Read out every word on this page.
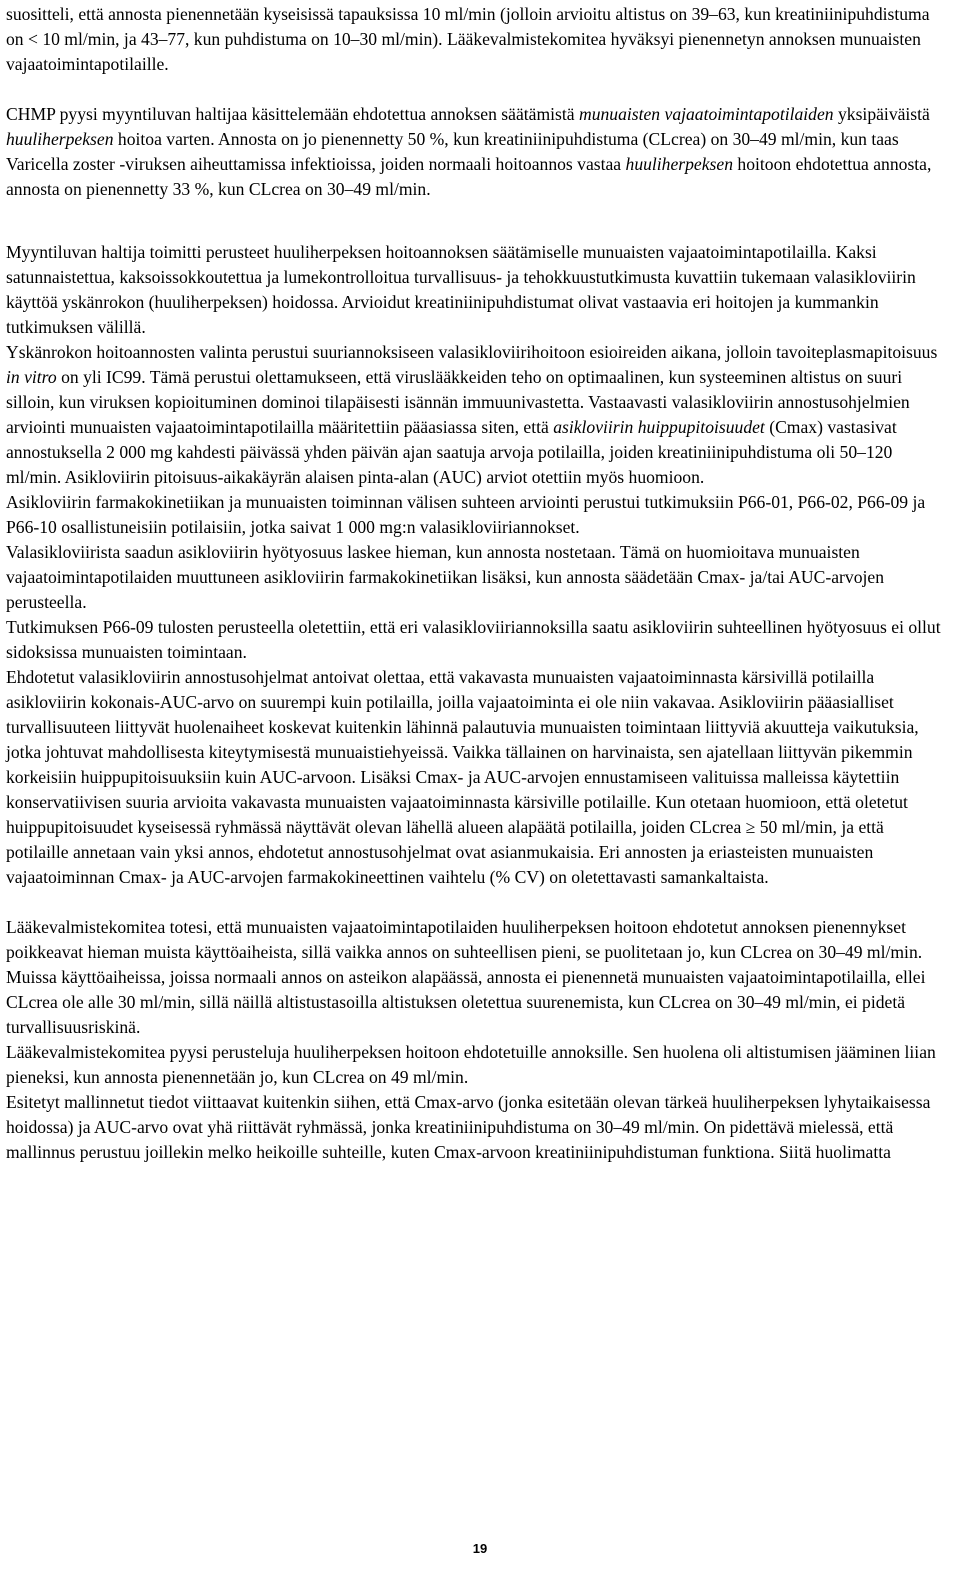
suositteli, että annosta pienennetään kyseisissä tapauksissa 10 ml/min (jolloin arvioitu altistus on 39–63, kun kreatiniinipuhdistuma on < 10 ml/min, ja 43–77, kun puhdistuma on 10–30 ml/min). Lääkevalmistekomitea hyväksyi pienennetyn annoksen munuaisten vajaatoimintapotilaille.

CHMP pyysi myyntiluvan haltijaa käsittelemään ehdotettua annoksen säätämistä munuaisten vajaatoimintapotilaiden yksipäiväistä huuliherpeksen hoitoa varten. Annosta on jo pienennetty 50 %, kun kreatiniinipuhdistuma (CLcrea) on 30–49 ml/min, kun taas Varicella zoster -viruksen aiheuttamissa infektioissa, joiden normaali hoitoannos vastaa huuliherpeksen hoitoon ehdotettua annosta, annosta on pienennetty 33 %, kun CLcrea on 30–49 ml/min.

Myyntiluvan haltija toimitti perusteet huuliherpeksen hoitoannoksen säätämiselle munuaisten vajaatoimintapotilailla. Kaksi satunnaistettua, kaksoissokkoutettua ja lumekontrolloitua turvallisuus- ja tehokkuustutkimusta kuvattiin tukemaan valasikloviirin käyttöä yskänrokon (huuliherpeksen) hoidossa. Arvioidut kreatiniinipuhdistumat olivat vastaavia eri hoitojen ja kummankin tutkimuksen välillä.

Yskänrokon hoitoannosten valinta perustui suuriannoksiseen valasikloviirihoitoon esioireiden aikana, jolloin tavoiteplasmapitoisuus in vitro on yli IC99. Tämä perustui olettamukseen, että viruslääkkeiden teho on optimaalinen, kun systeeminen altistus on suuri silloin, kun viruksen kopioituminen dominoi tilapäisesti isännän immuunivastetta. Vastaavasti valasikloviirin annostusohjelmien arviointi munuaisten vajaatoimintapotilailla määritettiin pääasiassa siten, että asikloviirin huippupitoisuudet (Cmax) vastasivat annostuksella 2 000 mg kahdesti päivässä yhden päivän ajan saatuja arvoja potilailla, joiden kreatiniinipuhdistuma oli 50–120 ml/min. Asikloviirin pitoisuus-aikakäyrän alaisen pinta-alan (AUC) arviot otettiin myös huomioon.

Asikloviirin farmakokinetiikan ja munuaisten toiminnan välisen suhteen arviointi perustui tutkimuksiin P66-01, P66-02, P66-09 ja P66-10 osallistuneisiin potilaisiin, jotka saivat 1 000 mg:n valasikloviiriannokset.

Valasikloviirista saadun asikloviirin hyötyosuus laskee hieman, kun annosta nostetaan. Tämä on huomioitava munuaisten vajaatoimintapotilaiden muuttuneen asikloviirin farmakokinetiikan lisäksi, kun annosta säädetään Cmax- ja/tai AUC-arvojen perusteella.

Tutkimuksen P66-09 tulosten perusteella oletettiin, että eri valasikloviiriannoksilla saatu asikloviirin suhteellinen hyötyosuus ei ollut sidoksissa munuaisten toimintaan.

Ehdotetut valasikloviirin annostusohjelmat antoivat olettaa, että vakavasta munuaisten vajaatoiminnasta kärsivillä potilailla asikloviirin kokonais-AUC-arvo on suurempi kuin potilailla, joilla vajaatoiminta ei ole niin vakavaa. Asikloviirin pääasialliset turvallisuuteen liittyvät huolenaiheet koskevat kuitenkin lähinnä palautuvia munuaisten toimintaan liittyviä akuutteja vaikutuksia, jotka johtuvat mahdollisesta kiteytymisestä munuaistiehyeissä. Vaikka tällainen on harvinaista, sen ajatellaan liittyvän pikemmin korkeisiin huippupitoisuuksiin kuin AUC-arvoon. Lisäksi Cmax- ja AUC-arvojen ennustamiseen valituissa malleissa käytettiin konservatiivisen suuria arvioita vakavasta munuaisten vajaatoiminnasta kärsiville potilaille. Kun otetaan huomioon, että oletetut huippupitoisuudet kyseisessä ryhmässä näyttävät olevan lähellä alueen alapäätä potilailla, joiden CLcrea ≥ 50 ml/min, ja että potilaille annetaan vain yksi annos, ehdotetut annostusohjelmat ovat asianmukaisia. Eri annosten ja eriasteisten munuaisten vajaatoiminnan Cmax- ja AUC-arvojen farmakokineettinen vaihtelu (% CV) on oletettavasti samankaltaista.

Lääkevalmistekomitea totesi, että munuaisten vajaatoimintapotilaiden huuliherpeksen hoitoon ehdotetut annoksen pienennykset poikkeavat hieman muista käyttöaiheista, sillä vaikka annos on suhteellisen pieni, se puolitetaan jo, kun CLcrea on 30–49 ml/min. Muissa käyttöaiheissa, joissa normaali annos on asteikon alapäässä, annosta ei pienennetä munuaisten vajaatoimintapotilailla, ellei CLcrea ole alle 30 ml/min, sillä näillä altistustasoilla altistuksen oletettua suurenemista, kun CLcrea on 30–49 ml/min, ei pidetä turvallisuusriskinä.

Lääkevalmistekomitea pyysi perusteluja huuliherpeksen hoitoon ehdotetuille annoksille. Sen huolena oli altistumisen jääminen liian pieneksi, kun annosta pienennetään jo, kun CLcrea on 49 ml/min.

Esitetyt mallinnetut tiedot viittaavat kuitenkin siihen, että Cmax-arvo (jonka esitetään olevan tärkeä huuliherpeksen lyhytaikaisessa hoidossa) ja AUC-arvo ovat yhä riittävät ryhmässä, jonka kreatiniinipuhdistuma on 30–49 ml/min. On pidettävä mielessä, että mallinnus perustuu joillekin melko heikoille suhteille, kuten Cmax-arvoon kreatiniinipuhdistuman funktiona. Siitä huolimatta

19
